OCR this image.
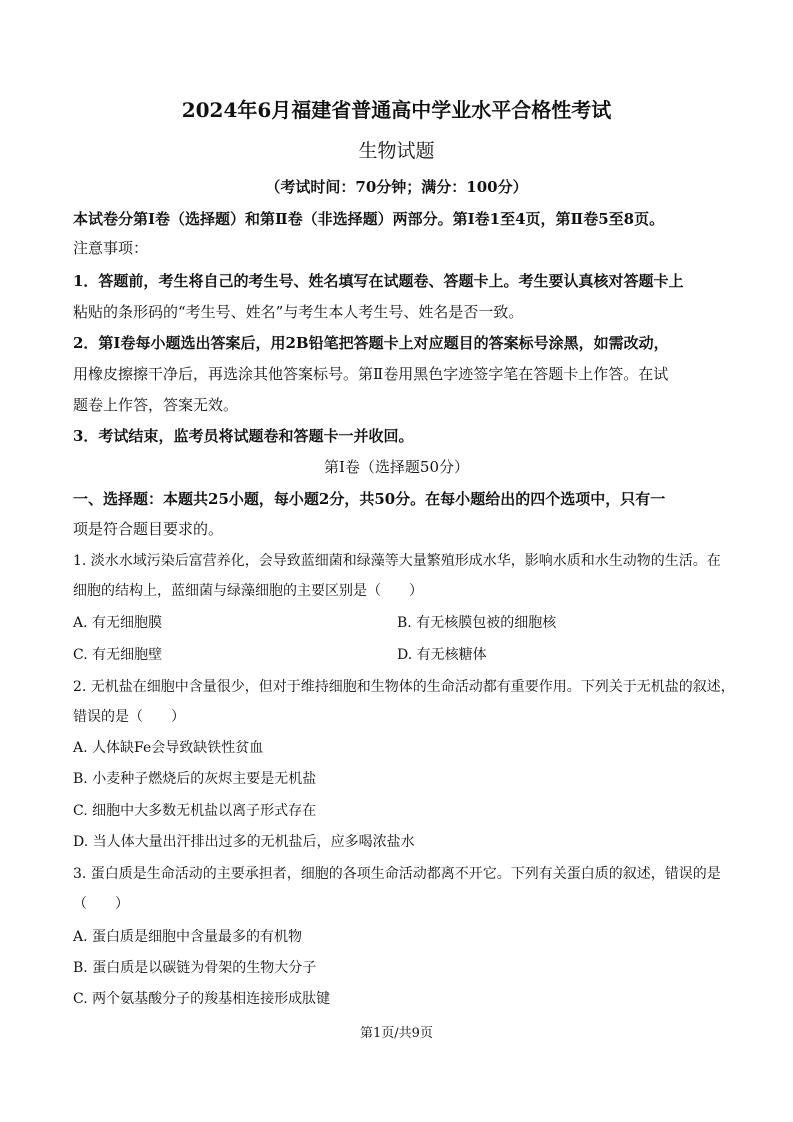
2024年6月福建省普通高中学业水平合格性考试
生物试题
（考试时间：70分钟；满分：100分）
本试卷分第Ⅰ卷（选择题）和第Ⅱ卷（非选择题）两部分。第Ⅰ卷1至4页，第Ⅱ卷5至8页。
注意事项：
1．答题前，考生将自己的考生号、姓名填写在试题卷、答题卡上。考生要认真核对答题卡上
粘贴的条形码的“考生号、姓名”与考生本人考生号、姓名是否一致。
2．第Ⅰ卷每小题选出答案后，用2B铅笔把答题卡上对应题目的答案标号涂黑，如需改动，
用橡皮擦擦干净后，再选涂其他答案标号。第Ⅱ卷用黑色字迹签字笔在答题卡上作答。在试
题卷上作答，答案无效。
3．考试结束，监考员将试题卷和答题卡一并收回。
第Ⅰ卷（选择题50分）
一、选择题：本题共25小题，每小题2分，共50分。在每小题给出的四个选项中，只有一
项是符合题目要求的。
1. 淡水水域污染后富营养化，会导致蓝细菌和绿藻等大量繁殖形成水华，影响水质和水生动物的生活。在
细胞的结构上，蓝细菌与绿藻细胞的主要区别是（　　）
A. 有无细胞膜	B. 有无核膜包被的细胞核
C. 有无细胞壁	D. 有无核糖体
2. 无机盐在细胞中含量很少，但对于维持细胞和生物体的生命活动都有重要作用。下列关于无机盐的叙述，
错误的是（　　）
A. 人体缺Fe会导致缺铁性贫血
B. 小麦种子燃烧后的灰烬主要是无机盐
C. 细胞中大多数无机盐以离子形式存在
D. 当人体大量出汗排出过多的无机盐后，应多喝浓盐水
3. 蛋白质是生命活动的主要承担者，细胞的各项生命活动都离不开它。下列有关蛋白质的叙述，错误的是
（　　）
A. 蛋白质是细胞中含量最多的有机物
B. 蛋白质是以碳链为骨架的生物大分子
C. 两个氨基酸分子的羧基相连接形成肽键
第1页/共9页
